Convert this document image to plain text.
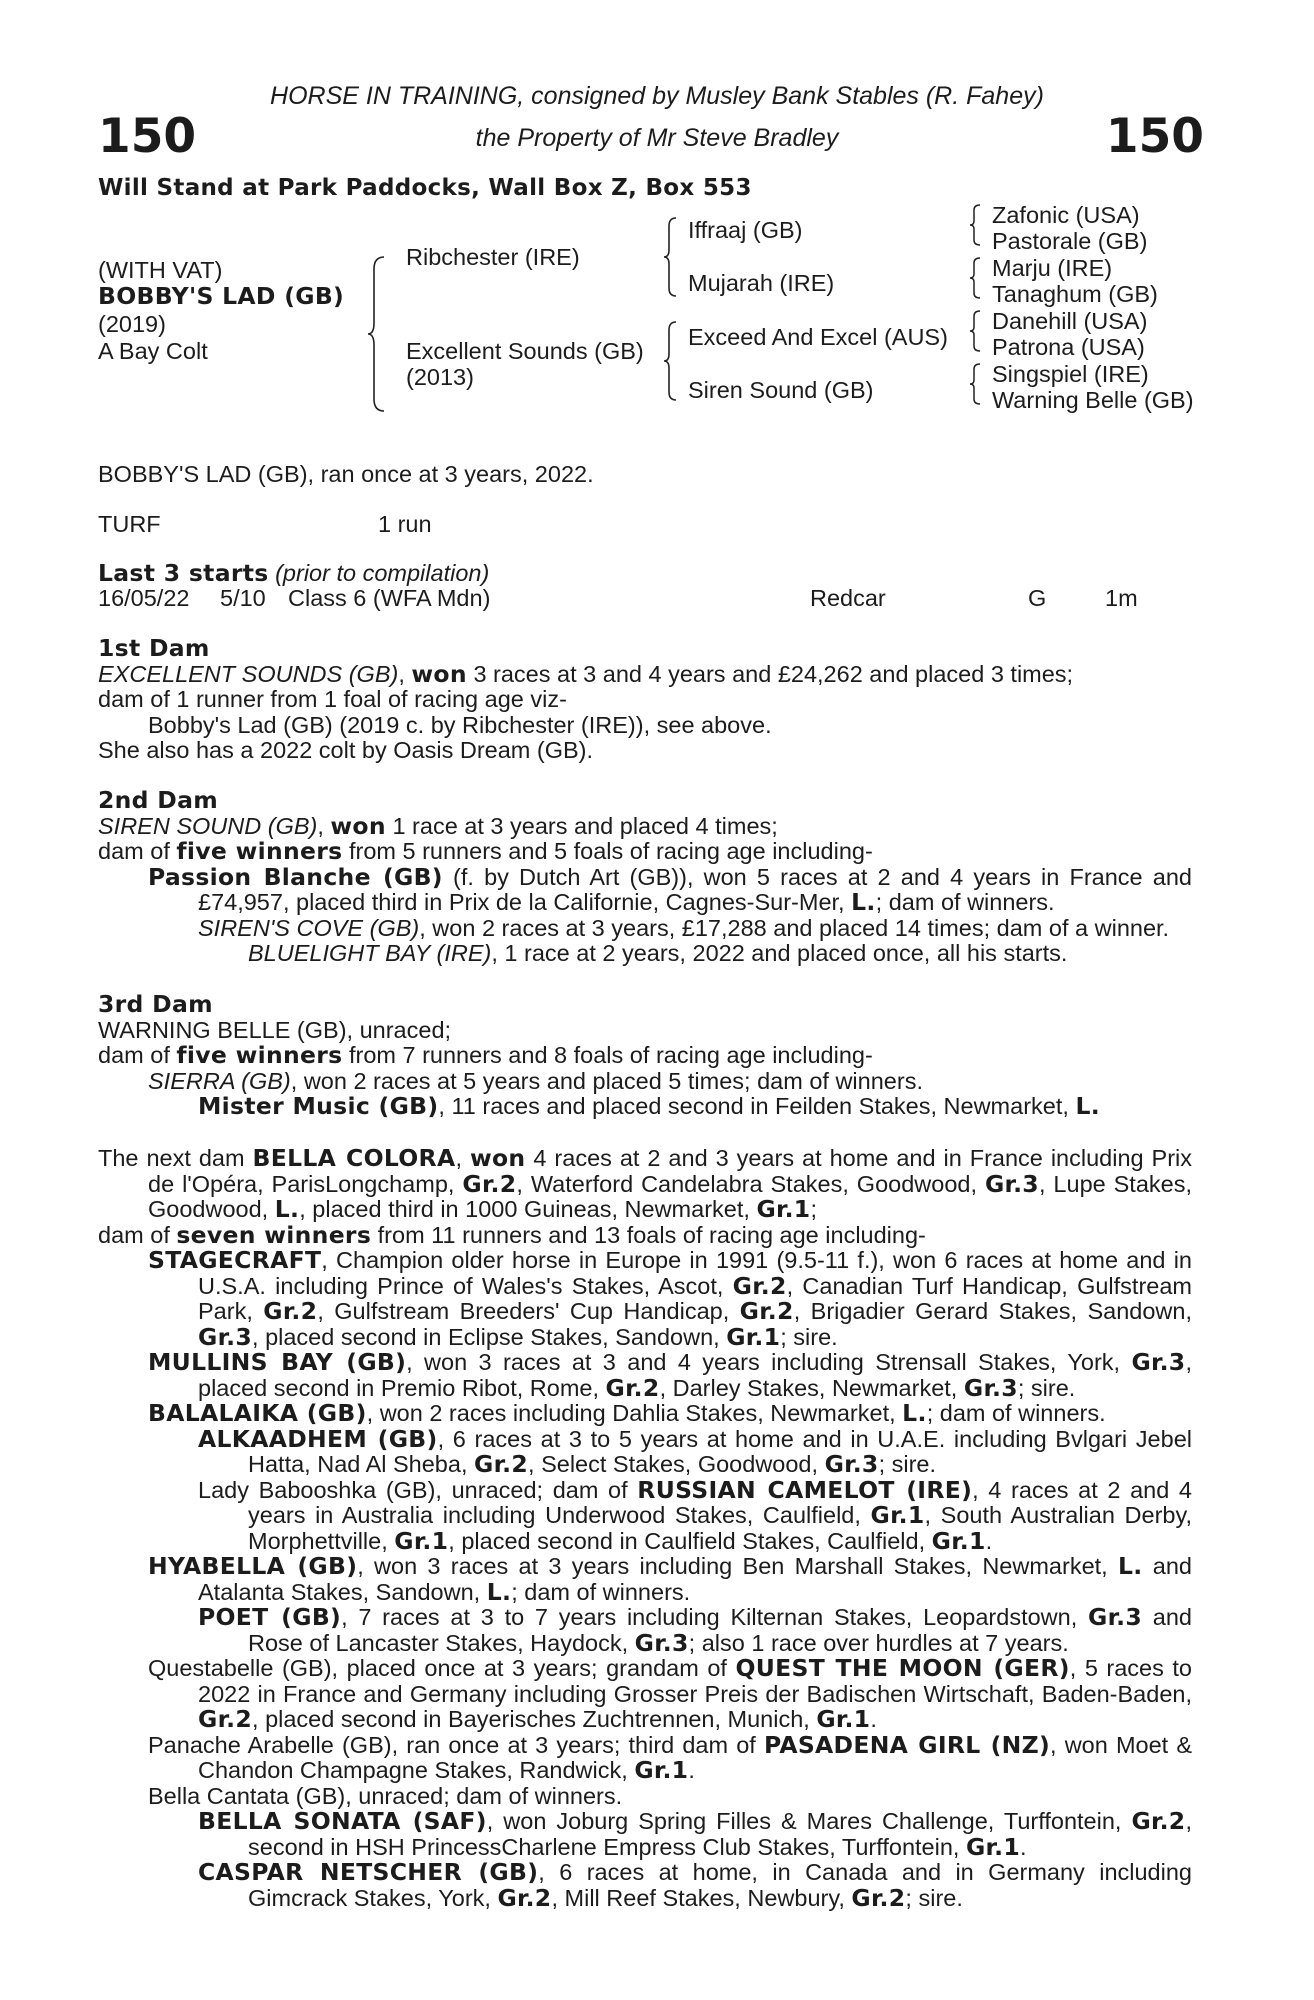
HORSE IN TRAINING, consigned by Musley Bank Stables (R. Fahey)
the Property of Mr Steve Bradley
150	150
Will Stand at Park Paddocks, Wall Box Z, Box 553
(WITH VAT)
BOBBY'S LAD (GB)
(2019)
A Bay Colt
Ribchester (IRE)
Excellent Sounds (GB)
(2013)
Iffraaj (GB)
Mujarah (IRE)
Exceed And Excel (AUS)
Siren Sound (GB)
Zafonic (USA)
Pastorale (GB)
Marju (IRE)
Tanaghum (GB)
Danehill (USA)
Patrona (USA)
Singspiel (IRE)
Warning Belle (GB)
BOBBY'S LAD (GB), ran once at 3 years, 2022.
TURF	1 run
Last 3 starts (prior to compilation)
16/05/22 5/10 Class 6 (WFA Mdn)	Redcar	G 1m

1st Dam

EXCELLENT SOUNDS (GB), won 3 races at 3 and 4 years and £24,262 and placed 3 times;

dam of 1 runner from 1 foal of racing age viz-

Bobby's Lad (GB) (2019 c. by Ribchester (IRE)), see above.

She also has a 2022 colt by Oasis Dream (GB).

2nd Dam

SIREN SOUND (GB), won 1 race at 3 years and placed 4 times;

dam of five winners from 5 runners and 5 foals of racing age including-

Passion Blanche (GB) (f. by Dutch Art (GB)), won 5 races at 2 and 4 years in France and £74,957, placed third in Prix de la Californie, Cagnes-Sur-Mer, L.; dam of winners.

SIREN'S COVE (GB), won 2 races at 3 years, £17,288 and placed 14 times; dam of a winner.

BLUELIGHT BAY (IRE), 1 race at 2 years, 2022 and placed once, all his starts.

3rd Dam

WARNING BELLE (GB), unraced;

dam of five winners from 7 runners and 8 foals of racing age including-

SIERRA (GB), won 2 races at 5 years and placed 5 times; dam of winners.

Mister Music (GB), 11 races and placed second in Feilden Stakes, Newmarket, L.

The next dam BELLA COLORA, won 4 races at 2 and 3 years at home and in France including Prix de l'Opéra, ParisLongchamp, Gr.2, Waterford Candelabra Stakes, Goodwood, Gr.3, Lupe Stakes, Goodwood, L., placed third in 1000 Guineas, Newmarket, Gr.1;

dam of seven winners from 11 runners and 13 foals of racing age including-

STAGECRAFT, Champion older horse in Europe in 1991 (9.5-11 f.), won 6 races at home and in U.S.A. including Prince of Wales's Stakes, Ascot, Gr.2, Canadian Turf Handicap, Gulfstream Park, Gr.2, Gulfstream Breeders' Cup Handicap, Gr.2, Brigadier Gerard Stakes, Sandown, Gr.3, placed second in Eclipse Stakes, Sandown, Gr.1; sire.

MULLINS BAY (GB), won 3 races at 3 and 4 years including Strensall Stakes, York, Gr.3, placed second in Premio Ribot, Rome, Gr.2, Darley Stakes, Newmarket, Gr.3; sire.

BALALAIKA (GB), won 2 races including Dahlia Stakes, Newmarket, L.; dam of winners.

ALKAADHEM (GB), 6 races at 3 to 5 years at home and in U.A.E. including Bvlgari Jebel Hatta, Nad Al Sheba, Gr.2, Select Stakes, Goodwood, Gr.3; sire.

Lady Babooshka (GB), unraced; dam of RUSSIAN CAMELOT (IRE), 4 races at 2 and 4 years in Australia including Underwood Stakes, Caulfield, Gr.1, South Australian Derby, Morphettville, Gr.1, placed second in Caulfield Stakes, Caulfield, Gr.1.

HYABELLA (GB), won 3 races at 3 years including Ben Marshall Stakes, Newmarket, L. and Atalanta Stakes, Sandown, L.; dam of winners.

POET (GB), 7 races at 3 to 7 years including Kilternan Stakes, Leopardstown, Gr.3 and Rose of Lancaster Stakes, Haydock, Gr.3; also 1 race over hurdles at 7 years.

Questabelle (GB), placed once at 3 years; grandam of QUEST THE MOON (GER), 5 races to 2022 in France and Germany including Grosser Preis der Badischen Wirtschaft, Baden-Baden, Gr.2, placed second in Bayerisches Zuchtrennen, Munich, Gr.1.

Panache Arabelle (GB), ran once at 3 years; third dam of PASADENA GIRL (NZ), won Moet & Chandon Champagne Stakes, Randwick, Gr.1.

Bella Cantata (GB), unraced; dam of winners.

BELLA SONATA (SAF), won Joburg Spring Filles & Mares Challenge, Turffontein, Gr.2, second in HSH PrincessCharlene Empress Club Stakes, Turffontein, Gr.1.

CASPAR NETSCHER (GB), 6 races at home, in Canada and in Germany including Gimcrack Stakes, York, Gr.2, Mill Reef Stakes, Newbury, Gr.2; sire.
